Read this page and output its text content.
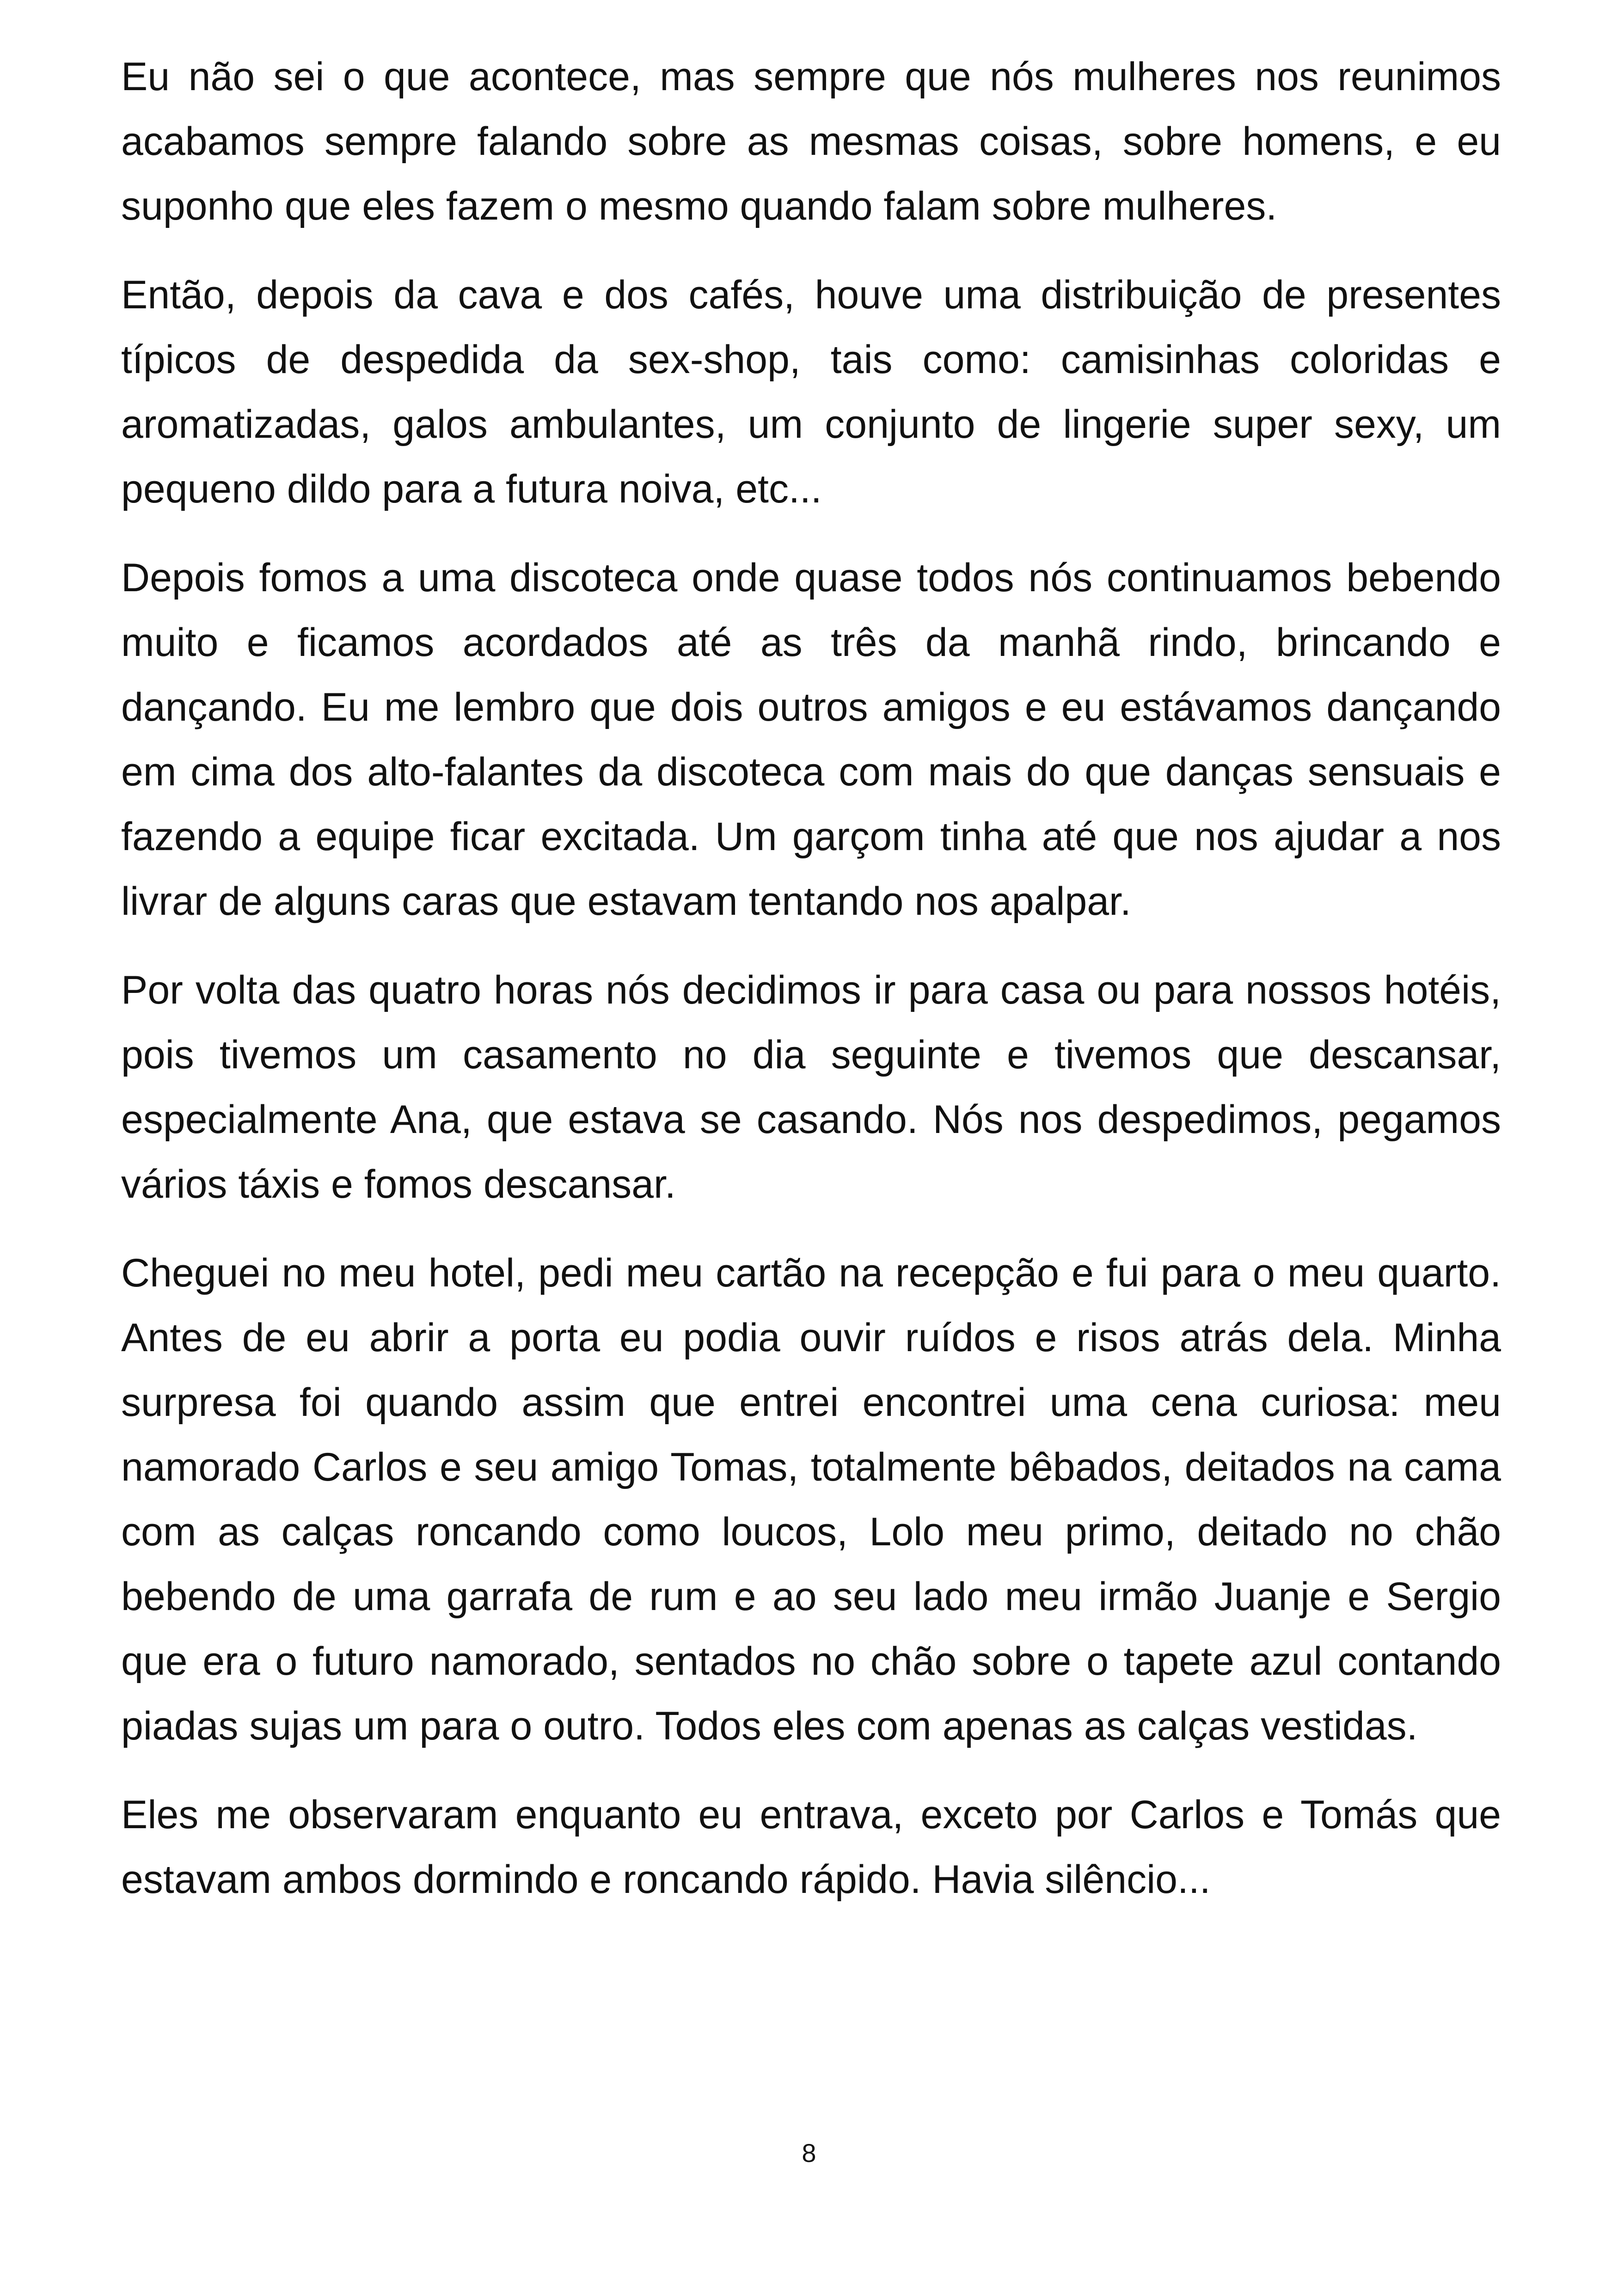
Eu não sei o que acontece, mas sempre que nós mulheres nos reunimos acabamos sempre falando sobre as mesmas coisas, sobre homens, e eu suponho que eles fazem o mesmo quando falam sobre mulheres.

Então, depois da cava e dos cafés, houve uma distribuição de presentes típicos de despedida da sex-shop, tais como: camisinhas coloridas e aromatizadas, galos ambulantes, um conjunto de lingerie super sexy, um pequeno dildo para a futura noiva, etc...

Depois fomos a uma discoteca onde quase todos nós continuamos bebendo muito e ficamos acordados até as três da manhã rindo, brincando e dançando. Eu me lembro que dois outros amigos e eu estávamos dançando em cima dos alto-falantes da discoteca com mais do que danças sensuais e fazendo a equipe ficar excitada. Um garçom tinha até que nos ajudar a nos livrar de alguns caras que estavam tentando nos apalpar.

Por volta das quatro horas nós decidimos ir para casa ou para nossos hotéis, pois tivemos um casamento no dia seguinte e tivemos que descansar, especialmente Ana, que estava se casando. Nós nos despedimos, pegamos vários táxis e fomos descansar.

Cheguei no meu hotel, pedi meu cartão na recepção e fui para o meu quarto. Antes de eu abrir a porta eu podia ouvir ruídos e risos atrás dela. Minha surpresa foi quando assim que entrei encontrei uma cena curiosa: meu namorado Carlos e seu amigo Tomas, totalmente bêbados, deitados na cama com as calças roncando como loucos, Lolo meu primo, deitado no chão bebendo de uma garrafa de rum e ao seu lado meu irmão Juanje e Sergio que era o futuro namorado, sentados no chão sobre o tapete azul contando piadas sujas um para o outro. Todos eles com apenas as calças vestidas.

Eles me observaram enquanto eu entrava, exceto por Carlos e Tomás que estavam ambos dormindo e roncando rápido. Havia silêncio...

8
